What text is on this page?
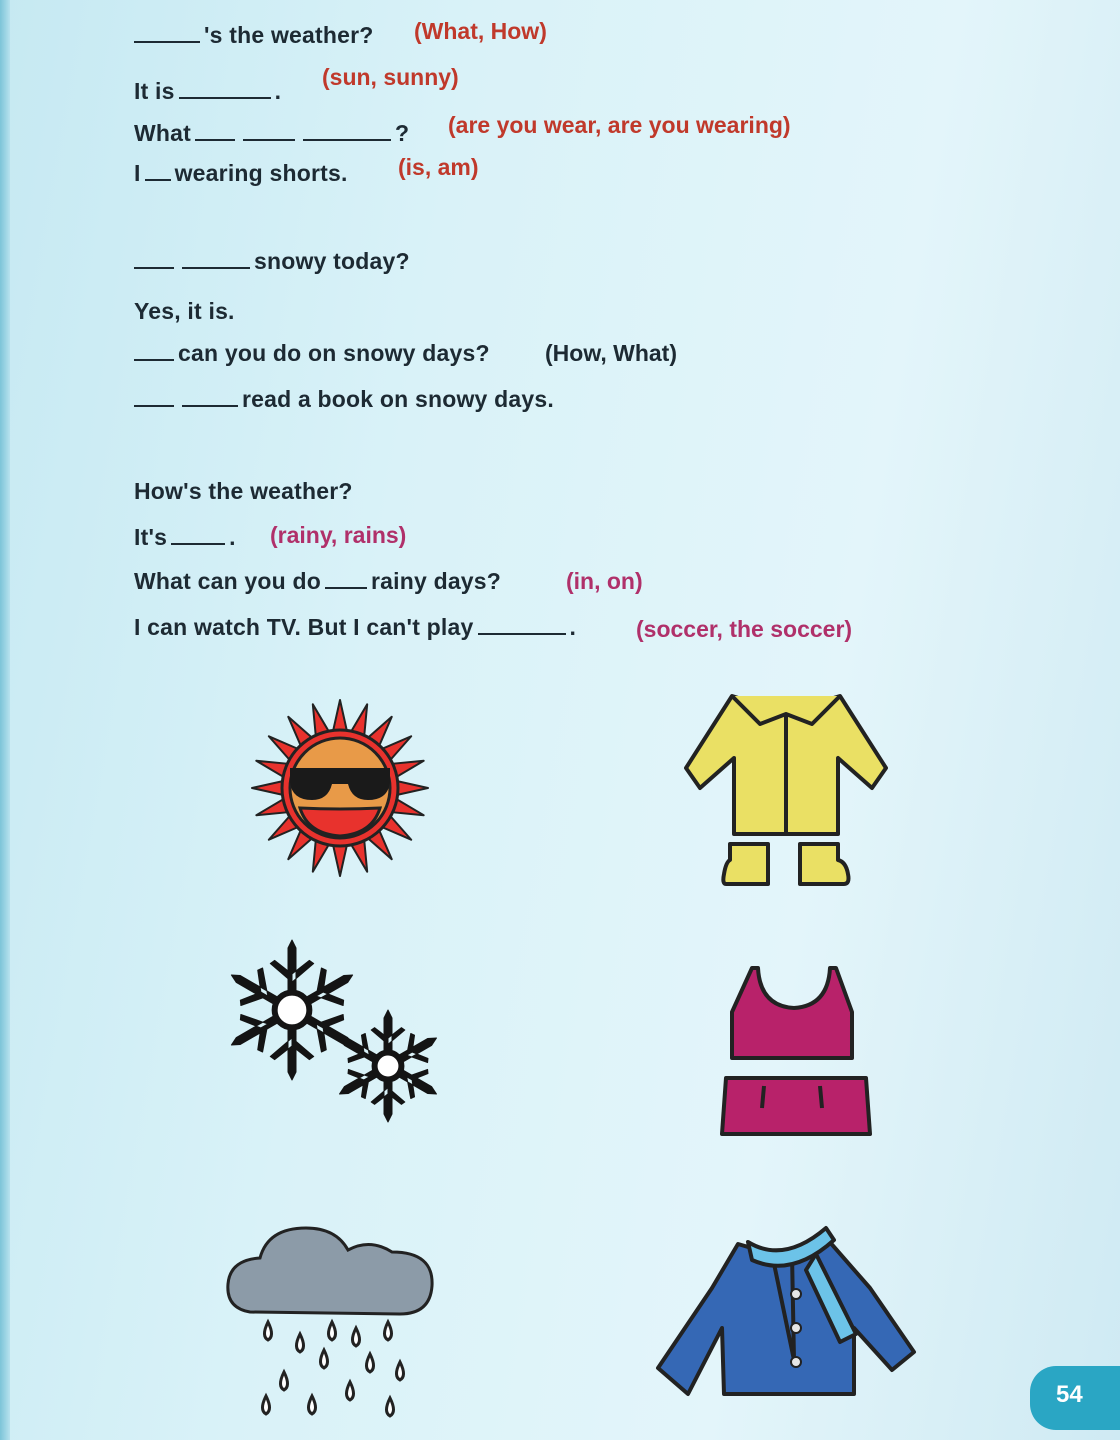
's the weather? (What, How)
It is	.
(sun, sunny)
What	? (are you wear, are you wearing)
I wearing shorts. (is, am)
snowy today?
Yes, it is.
can you do on snowy days? (How, What)
read a book on snowy days.
How's the weather?
It's	. (rainy, rains)
What can you do rainy days?	(in, on)
I can watch TV. But I can't play	.	(soccer, the soccer)
54
